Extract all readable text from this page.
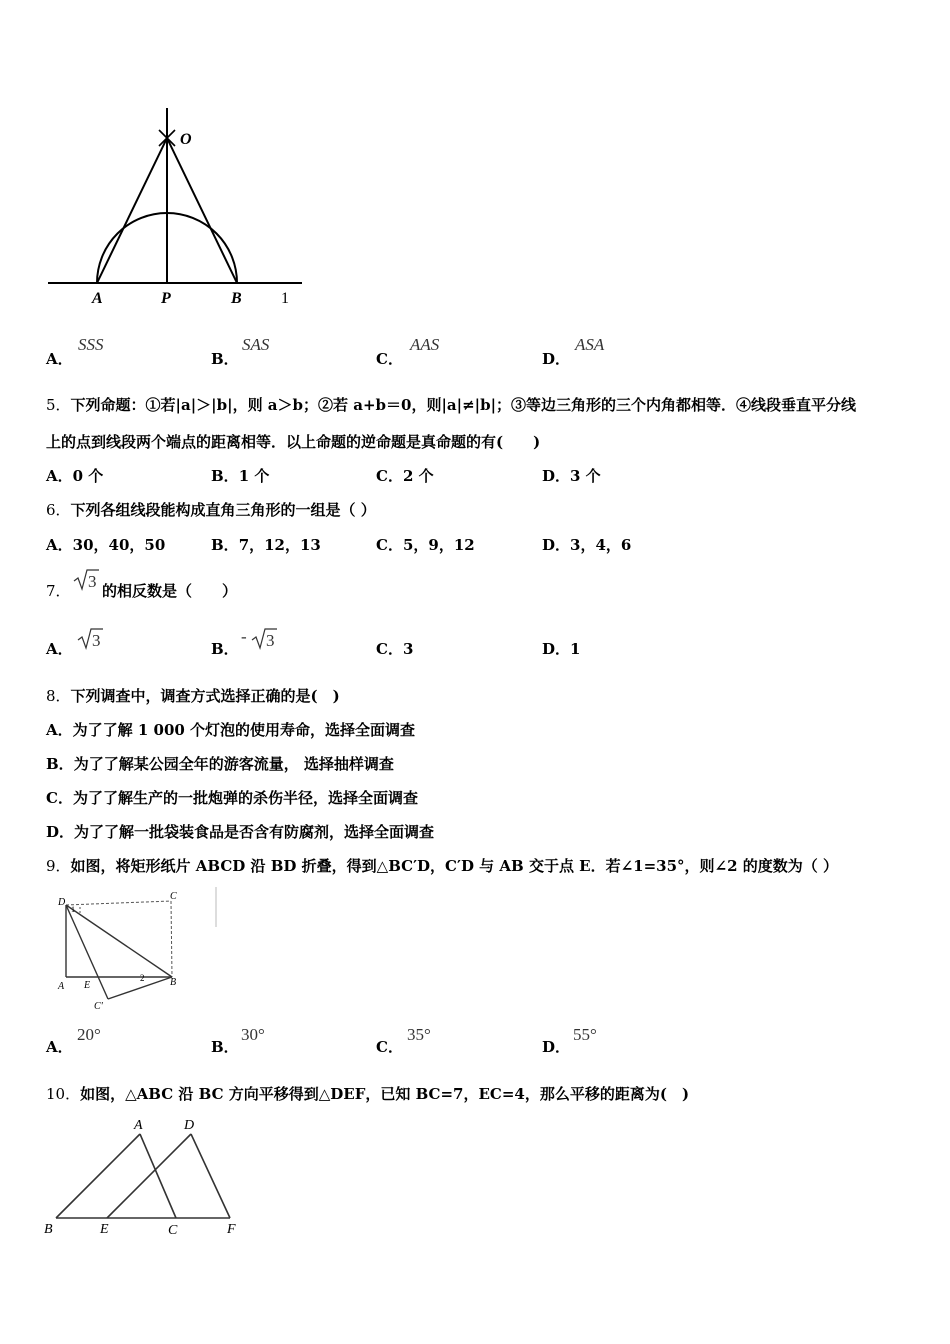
O
A	P	B 1
A．
SSS
B．
SAS
C．
AAS
D．
ASA
5．下列命题：①若|a|＞|b|，则 a＞b；②若 a+b＝0，则|a|≠|b|；③等边三角形的三个内角都相等．④线段垂直平分线
上的点到线段两个端点的距离相等．以上命题的逆命题是真命题的有(　　)
A．0 个	B．1 个	C．2 个	D．3 个
6．下列各组线段能构成直角三角形的一组是（ ）
A．30，40，50	B．7，12，13	C．5，9，12	D．3，4，6
7． 3 的相反数是（　　）
A． 3	B．
- 3	C．3	D．1
8．下列调查中，调查方式选择正确的是(　)
A．为了了解 1 000 个灯泡的使用寿命，选择全面调查
B．为了了解某公园全年的游客流量， 选择抽样调查
C．为了了解生产的一批炮弹的杀伤半径，选择全面调查
D．为了了解一批袋装食品是否含有防腐剂，选择全面调查
9．如图，将矩形纸片 ABCD 沿 BD 折叠，得到△BC′D，C′D 与 AB 交于点 E．若∠1=35°，则∠2 的度数为（ ）
D
1
C
A E
2	B
C'
A．
20°
B．
30°
C．
35°
D．
55°
10．如图，△ABC 沿 BC 方向平移得到△DEF，已知 BC=7，EC=4，那么平移的距离为(　)
A	D
B	E	C	F
